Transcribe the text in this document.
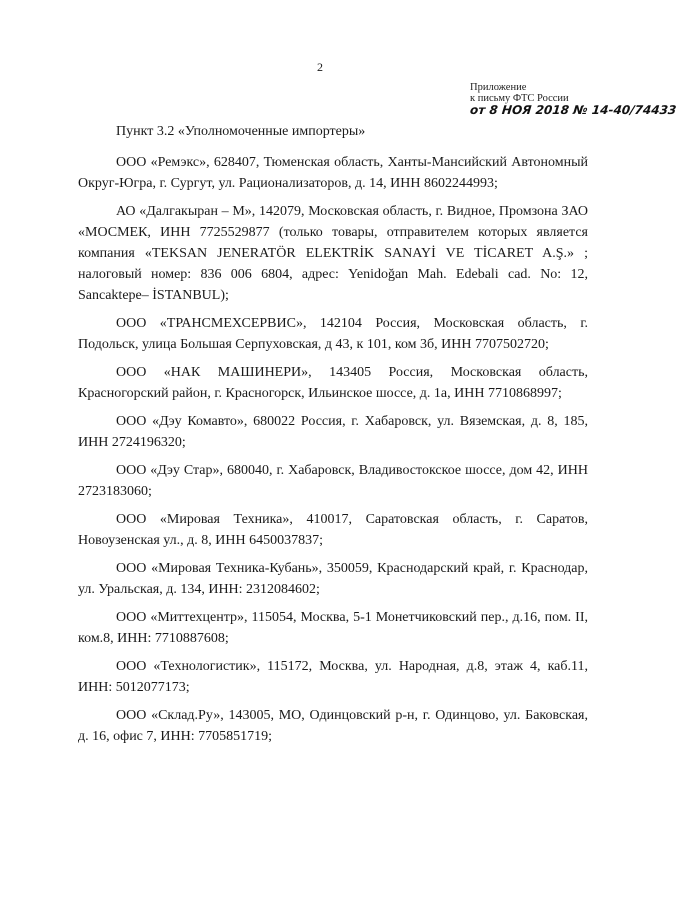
2
Приложение
к письму ФТС России
от 8 НОЯ 2018 № 14-40/74433

Пункт 3.2 «Уполномоченные импортеры»

ООО «Ремэкс», 628407, Тюменская область, Ханты-Мансийский Автономный Округ-Югра, г. Сургут, ул. Рационализаторов, д. 14, ИНН 8602244993;

АО «Далгакыран – М», 142079, Московская область, г. Видное, Промзона ЗАО «МОСМЕК, ИНН 7725529877 (только товары, отправителем которых является компания «TEKSAN JENERATÖR ELEKTRİK SANAYİ VE TİCARET A.Ş.» ; налоговый номер: 836 006 6804, адрес: Yenidoğan Mah. Edebali cad. No: 12, Sancaktepe– İSTANBUL);

ООО «ТРАНСМЕХСЕРВИС», 142104 Россия, Московская область, г. Подольск, улица Большая Серпуховская, д 43, к 101, ком 3б, ИНН 7707502720;

ООО «НАК МАШИНЕРИ», 143405 Россия, Московская область, Красногорский район, г. Красногорск, Ильинское шоссе, д. 1а, ИНН 7710868997;

ООО «Дэу Комавто», 680022 Россия, г. Хабаровск, ул. Вяземская, д. 8, 185, ИНН 2724196320;

ООО «Дэу Стар», 680040, г. Хабаровск, Владивостокское шоссе, дом 42, ИНН 2723183060;

ООО «Мировая Техника», 410017, Саратовская область, г. Саратов, Новоузенская ул., д. 8, ИНН 6450037837;

ООО «Мировая Техника-Кубань», 350059, Краснодарский край, г. Краснодар, ул. Уральская, д. 134, ИНН: 2312084602;

ООО «Миттехцентр», 115054, Москва, 5-1 Монетчиковский пер., д.16, пом. II, ком.8, ИНН: 7710887608;

ООО «Технологистик», 115172, Москва, ул. Народная, д.8, этаж 4, каб.11, ИНН: 5012077173;

ООО «Склад.Ру», 143005, МО, Одинцовский р-н, г. Одинцово, ул. Баковская, д. 16, офис 7, ИНН: 7705851719;
